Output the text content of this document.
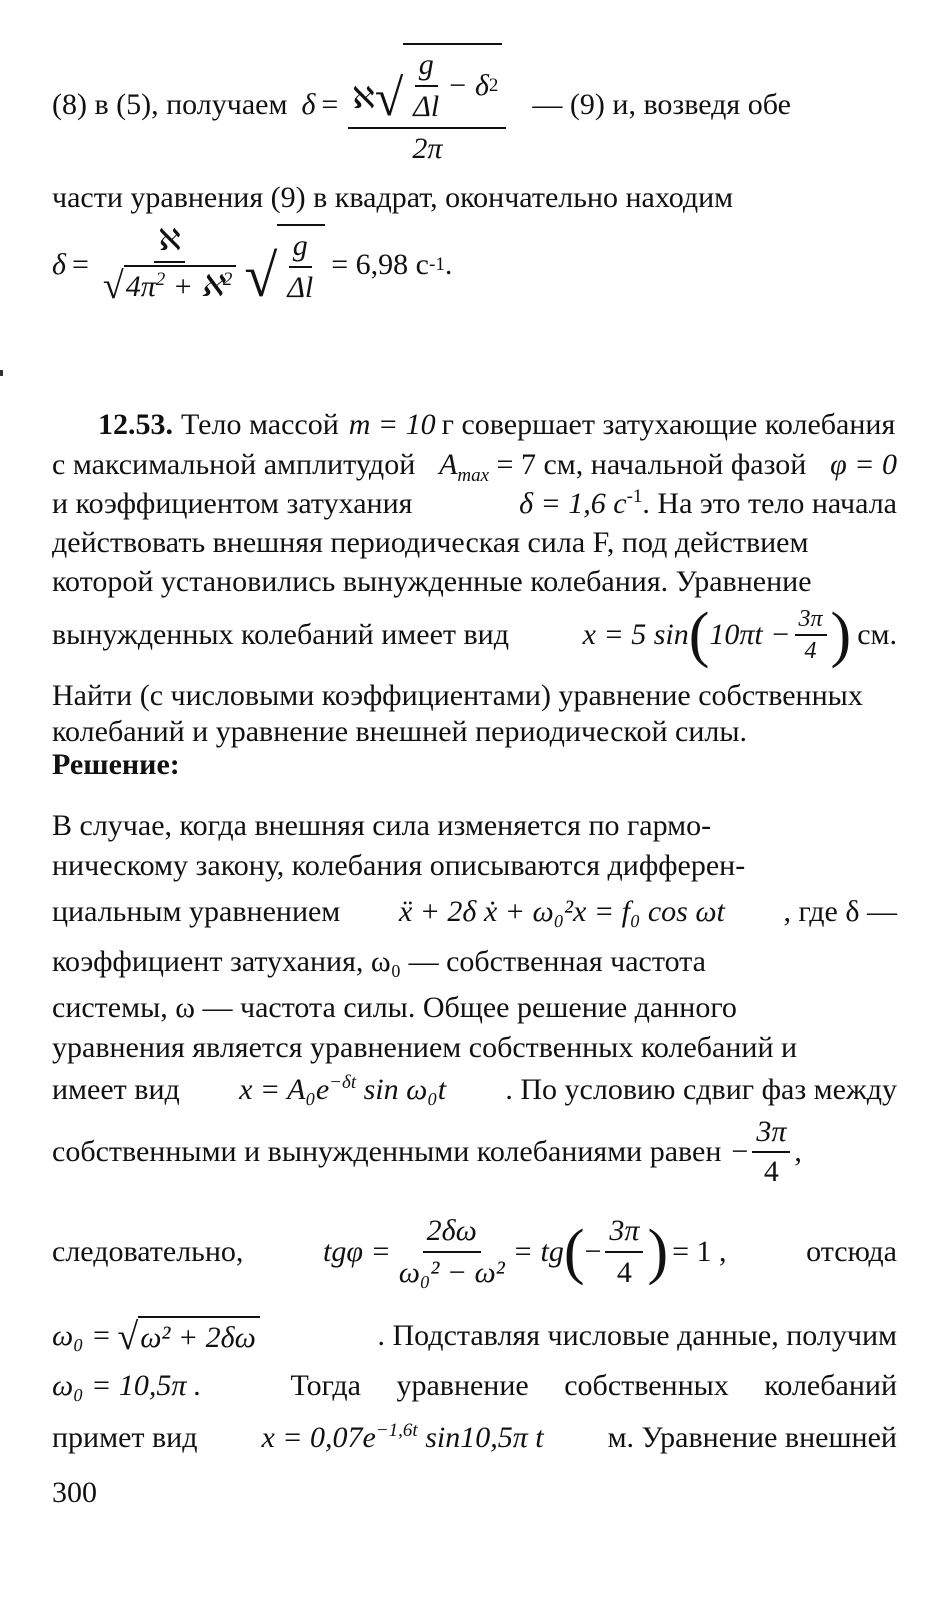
(8) в (5), получаем δ = ℵ √ $\frac{g}{\Delta l} - \delta$ 2
2π
— (9) и, возведя обе
части уравнения (9) в квадрат, окончательно находим
$\delta = \frac{\text{ℵ}}{√ 4\pi^2 + ℵ^2}$ √ $\frac{g}{\Delta l} = 6,98$ с -1 .
12.53. Тело массой m = 10 г совершает затухающие колебания
с максимальной амплитудой $A_{max} = 7$ см, начальной фазой φ = 0
и коэффициентом затухания	δ = 1,6 $с^{-1}$. На это тело начала
действовать внешняя периодическая сила F, под действием
которой установились вынужденные колебания. Уравнение
вынужденных колебаний имеет вид x = 5 sin ( $10\pi t - \frac{3\pi}{4}$ ) см.
Найти (с числовыми коэффициентами) уравнение собственных
колебаний и уравнение внешней периодической силы.
Решение:
В случае, когда внешняя сила изменяется по гармо-
ническому закону, колебания описываются дифферен-
циальным уравнением ẍ + 2δ ẋ + ω₀²x = f₀ cos ωt , где δ —
коэффициент затухания, ω₀ — собственная частота
системы, ω — частота силы. Общее решение данного
уравнения является уравнением собственных колебаний и
имеет вид $x = A_0e^{-\delta t}$ sin ω₀t . По условию сдвиг фаз между
собственными и вынужденными колебаниями равен − $\frac{3\pi}{4}$ ,
следовательно,	$tg\varphi = \frac{2\delta\omega}{\text{ω₀² − ω²}}$ = tg ( − $\frac{3\pi}{4}$ ) = 1 ,	отсюда
ω₀ = √ ω² + 2δω	. Подставляя числовые данные, получим
ω₀ = 10,5π .	Тогда уравнение собственных колебаний
примет вид $x = 0,07e^{-1,6t}$ sin10,5π t м. Уравнение внешней
300
